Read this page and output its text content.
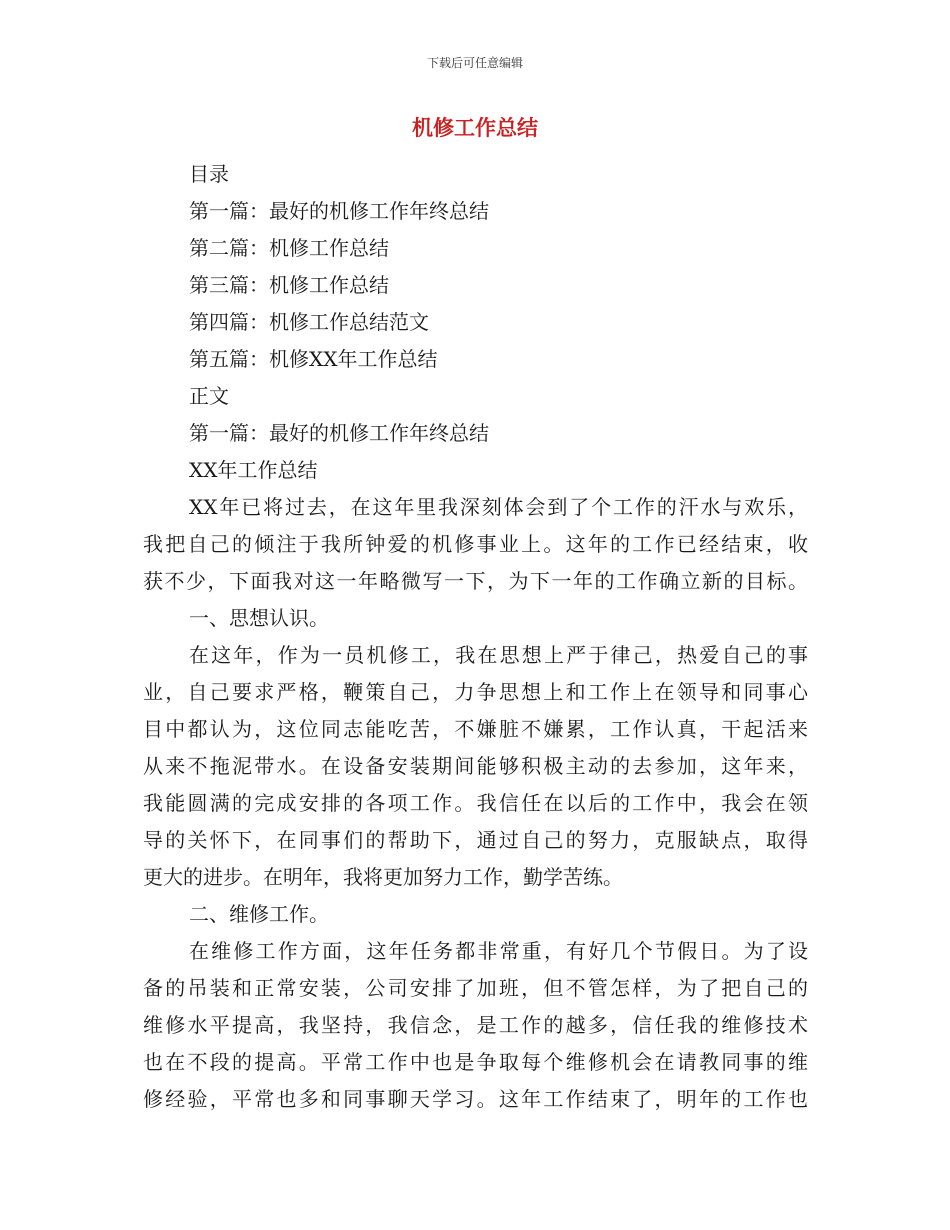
下载后可任意编辑
机修工作总结
目录
第一篇：最好的机修工作年终总结
第二篇：机修工作总结
第三篇：机修工作总结
第四篇：机修工作总结范文
第五篇：机修XX年工作总结
正文
第一篇：最好的机修工作年终总结
XX年工作总结
XX年已将过去，在这年里我深刻体会到了个工作的汗水与欢乐，
我把自己的倾注于我所钟爱的机修事业上。这年的工作已经结束，收
获不少，下面我对这一年略微写一下，为下一年的工作确立新的目标。
一、思想认识。
在这年，作为一员机修工，我在思想上严于律己，热爱自己的事
业，自己要求严格，鞭策自己，力争思想上和工作上在领导和同事心
目中都认为，这位同志能吃苦，不嫌脏不嫌累，工作认真，干起活来
从来不拖泥带水。在设备安装期间能够积极主动的去参加，这年来，
我能圆满的完成安排的各项工作。我信任在以后的工作中，我会在领
导的关怀下，在同事们的帮助下，通过自己的努力，克服缺点，取得
更大的进步。在明年，我将更加努力工作，勤学苦练。
二、维修工作。
在维修工作方面，这年任务都非常重，有好几个节假日。为了设
备的吊装和正常安装，公司安排了加班，但不管怎样，为了把自己的
维修水平提高，我坚持，我信念，是工作的越多，信任我的维修技术
也在不段的提高。平常工作中也是争取每个维修机会在请教同事的维
修经验，平常也多和同事聊天学习。这年工作结束了，明年的工作也
